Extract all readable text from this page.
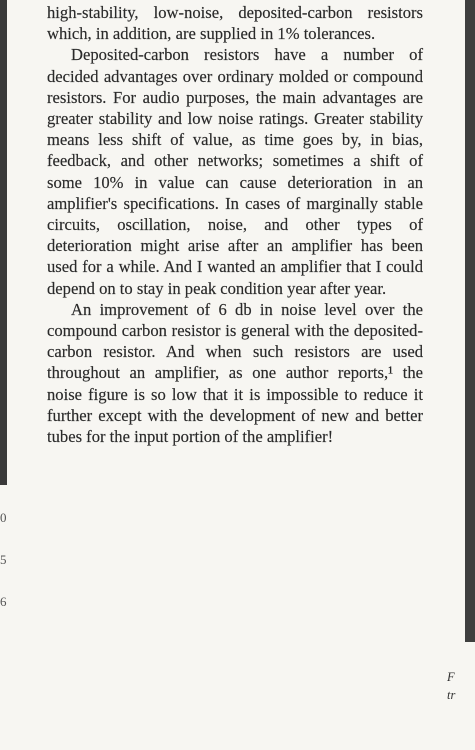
high-stability, low-noise, deposited-carbon resistors which, in addition, are supplied in 1% tolerances.

Deposited-carbon resistors have a number of decided advantages over ordinary molded or compound resistors. For audio purposes, the main advantages are greater stability and low noise ratings. Greater stability means less shift of value, as time goes by, in bias, feedback, and other networks; sometimes a shift of some 10% in value can cause deterioration in an amplifier's specifications. In cases of marginally stable circuits, oscillation, noise, and other types of deterioration might arise after an amplifier has been used for a while. And I wanted an amplifier that I could depend on to stay in peak condition year after year.

An improvement of 6 db in noise level over the compound carbon resistor is general with the deposited-carbon resistor. And when such resistors are used throughout an amplifier, as one author reports,¹ the noise figure is so low that it is impossible to reduce it further except with the development of new and better tubes for the input portion of the amplifier!

0 5 6
F
tr
